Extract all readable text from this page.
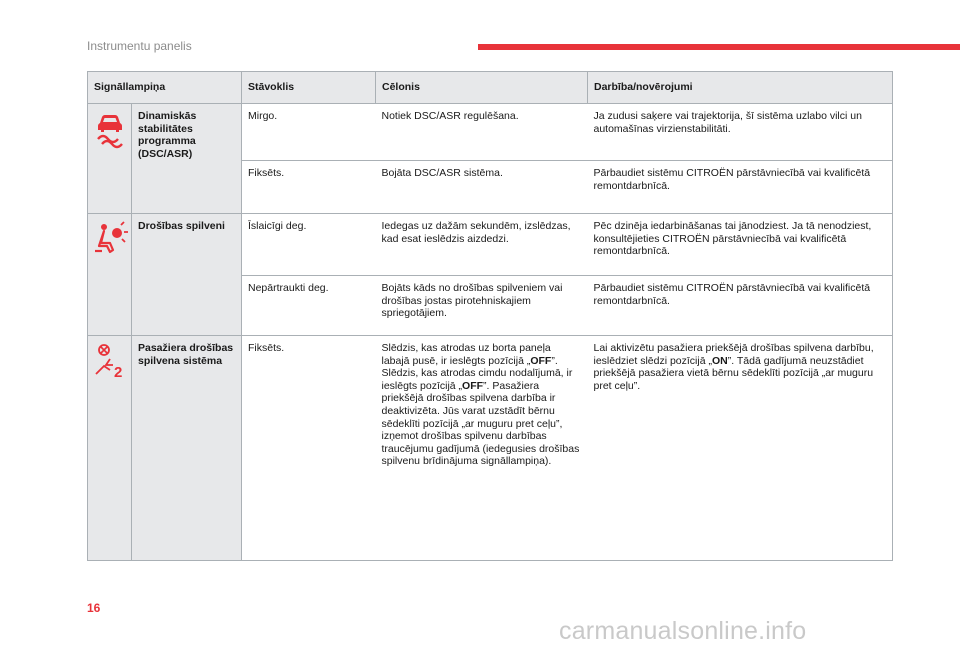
Instrumentu panelis
Signāllampiņa		Stāvoklis	Cēlonis	Darbība/novērojumi

	Dinamiskās stabilitātes programma (DSC/ASR)	Mirgo.	Notiek DSC/ASR regulēšana.	Ja zudusi saķere vai trajektorija, šī sistēma uzlabo vilci un automašīnas virzienstabilitāti.
		Fiksēts.	Bojāta DSC/ASR sistēma.	Pārbaudiet sistēmu CITROËN pārstāvniecībā vai kvalificētā remontdarbnīcā.

	Drošības spilveni	Īslaicīgi deg.	Iedegas uz dažām sekundēm, izslēdzas, kad esat ieslēdzis aizdedzi.	Pēc dzinēja iedarbināšanas tai jānodziest. Ja tā nenodziest, konsultējieties CITROËN pārstāvniecībā vai kvalificētā remontdarbnīcā.
		Nepārtraukti deg.	Bojāts kāds no drošības spilveniem vai drošības jostas pirotehniskajiem spriegotājiem.	Pārbaudiet sistēmu CITROËN pārstāvniecībā vai kvalificētā remontdarbnīcā.

2	Pasažiera drošības spilvena sistēma	Fiksēts.	Slēdzis, kas atrodas uz borta paneļa labajā pusē, ir ieslēgts pozīcijā „OFF”. Slēdzis, kas atrodas cimdu nodalījumā, ir ieslēgts pozīcijā „OFF”. Pasažiera priekšējā drošības spilvena darbība ir deaktivizēta. Jūs varat uzstādīt bērnu sēdeklīti pozīcijā „ar muguru pret ceļu”, izņemot drošības spilvenu darbības traucējumu gadījumā (iedegusies drošības spilvenu brīdinājuma signāllampiņa).	Lai aktivizētu pasažiera priekšējā drošības spilvena darbību, ieslēdziet slēdzi pozīcijā „ON”. Tādā gadījumā neuzstādiet priekšējā pasažiera vietā bērnu sēdeklīti pozīcijā „ar muguru pret ceļu”.
16
carmanualsonline.info
